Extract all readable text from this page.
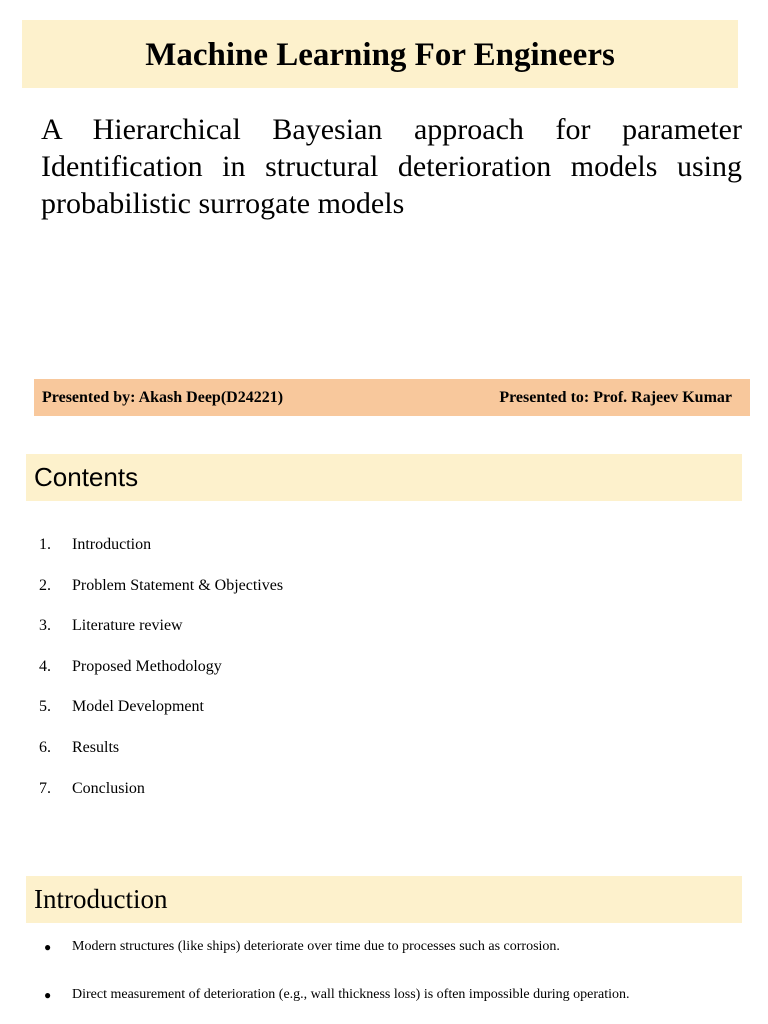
Machine Learning For Engineers

A Hierarchical Bayesian approach for parameter Identification in structural deterioration models using probabilistic surrogate models

Presented by: Akash Deep(D24221)	Presented to: Prof. Rajeev Kumar
Contents
1.	Introduction
2.	Problem Statement & Objectives
3.	Literature review
4.	Proposed Methodology
5.	Model Development
6.	Results
7.	Conclusion
Introduction
●	Modern structures (like ships) deteriorate over time due to processes such as corrosion.
●	Direct measurement of deterioration (e.g., wall thickness loss) is often impossible during operation.
